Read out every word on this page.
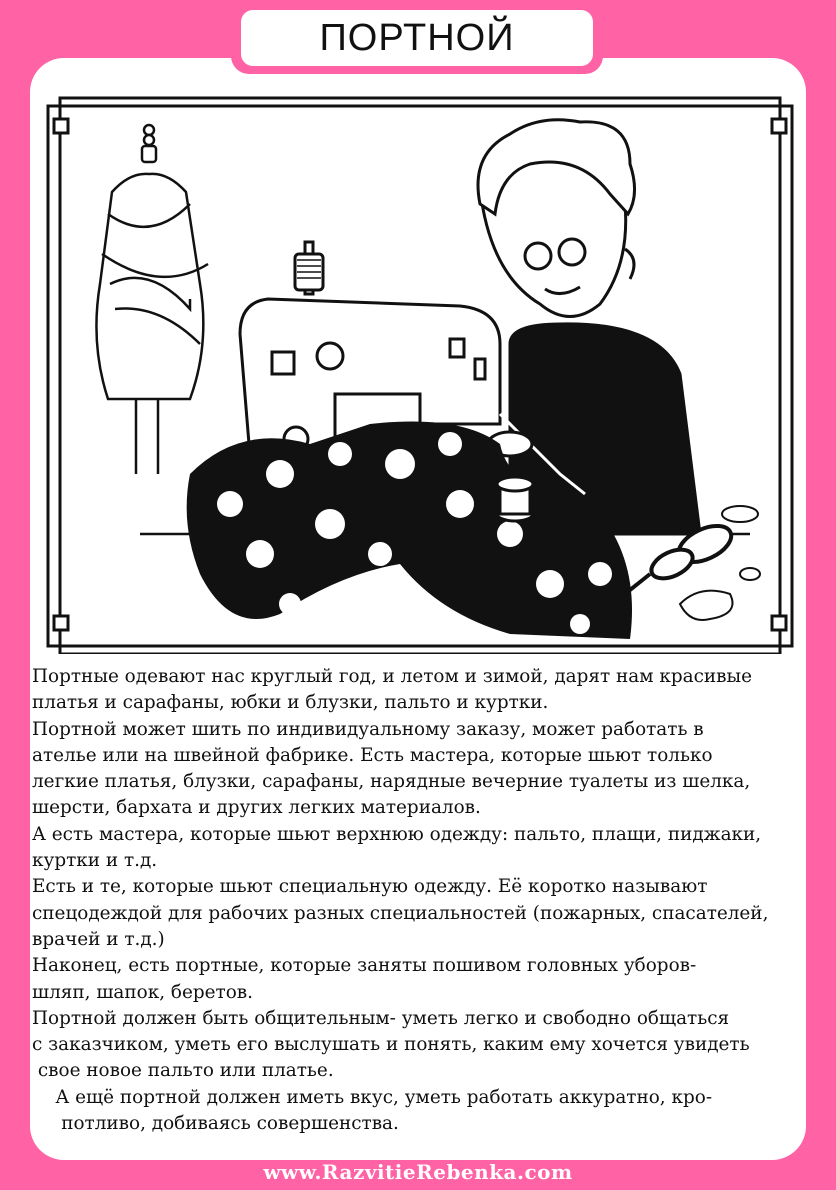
ПОРТНОЙ

Портные одевают нас круглый год, и летом и зимой, дарят нам красивые

платья и сарафаны, юбки и блузки, пальто и куртки.

Портной может шить по индивидуальному заказу, может работать в

ателье или на швейной фабрике. Есть мастера, которые шьют только

легкие платья, блузки, сарафаны, нарядные вечерние туалеты из шелка,

шерсти, бархата и других легких материалов.

А есть мастера, которые шьют верхнюю одежду: пальто, плащи, пиджаки,

куртки и т.д.

Есть и те, которые шьют специальную одежду. Её коротко называют

спецодеждой для рабочих разных специальностей (пожарных, спасателей,

врачей и т.д.)

Наконец, есть портные, которые заняты пошивом головных уборов-

шляп, шапок, беретов.

Портной должен быть общительным- уметь легко и свободно общаться

с заказчиком, уметь его выслушать и понять, каким ему хочется увидеть

свое новое пальто или платье.

А ещё портной должен иметь вкус, уметь работать аккуратно, кро-

потливо, добиваясь совершенства.

www.RazvitieRebenka.com
